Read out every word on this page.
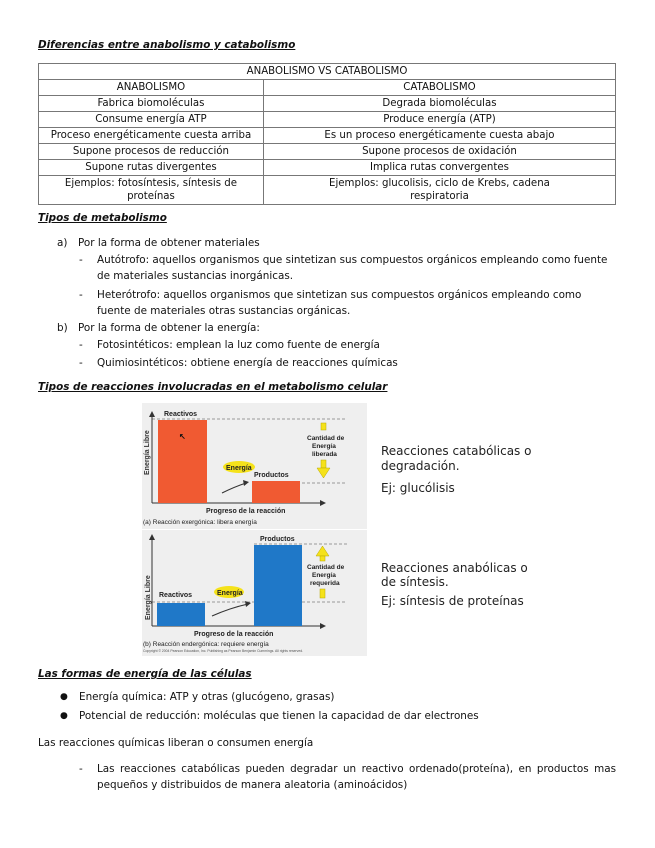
Diferencias entre anabolismo y catabolismo
ANABOLISMO VS CATABOLISMO	
ANABOLISMO	CATABOLISMO
Fabrica biomoléculas	Degrada biomoléculas
Consume energía ATP	Produce energía (ATP)
Proceso energéticamente cuesta arriba	Es un proceso energéticamente cuesta abajo
Supone procesos de reducción	Supone procesos de oxidación
Supone rutas divergentes	Implica rutas convergentes
Ejemplos: fotosíntesis, síntesis de proteínas	Ejemplos: glucolisis, ciclo de Krebs, cadena respiratoria
Tipos de metabolismo
a) Por la forma de obtener materiales
- Autótrofo: aquellos organismos que sintetizan sus compuestos orgánicos empleando como fuente
de materiales sustancias inorgánicas.
- Heterótrofo: aquellos organismos que sintetizan sus compuestos orgánicos empleando como
fuente de materiales otras sustancias orgánicas.
b) Por la forma de obtener la energía:
- Fotosintéticos: emplean la luz como fuente de energía
- Quimiosintéticos: obtiene energía de reacciones químicas
Tipos de reacciones involucradas en el metabolismo celular
Energía Libre
Reactivos
↖
Productos
Energía
Cantidad de
Energía
liberada
Progreso de la reacción
(a) Reacción exergónica: libera energía
Reacciones catabólicas o
degradación.
Ej: glucólisis
Energía Libre Reactivos
Productos
Energía
Cantidad de
Energía
requerida
Progreso de la reacción
(b) Reacción endergónica: requiere energía
Copyright © 2004 Pearson Education, Inc. Publishing as Pearson Benjamin Cummings. All rights reserved.
Reacciones anabólicas o
de síntesis.
Ej: síntesis de proteínas
Las formas de energía de las células
● Energía química: ATP y otras (glucógeno, grasas)
● Potencial de reducción: moléculas que tienen la capacidad de dar electrones
Las reacciones químicas liberan o consumen energía
- Las reacciones catabólicas pueden degradar un reactivo ordenado(proteína), en productos mas
pequeños y distribuidos de manera aleatoria (aminoácidos)
